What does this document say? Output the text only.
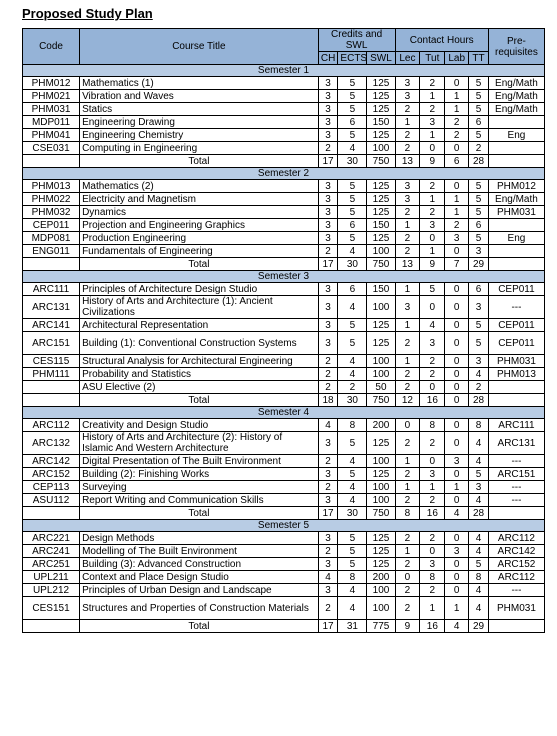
Proposed Study Plan
Code	Course Title	Credits and SWL			Contact Hours				Pre-requisites
		CH	ECTS	SWL	Lec	Tut	Lab	TT	
Semester 1									
PHM012	Mathematics (1)	3	5	125	3	2	0	5	Eng/Math
PHM021	Vibration and Waves	3	5	125	3	1	1	5	Eng/Math
PHM031	Statics	3	5	125	2	2	1	5	Eng/Math
MDP011	Engineering Drawing	3	6	150	1	3	2	6	
PHM041	Engineering Chemistry	3	5	125	2	1	2	5	Eng
CSE031	Computing in Engineering	2	4	100	2	0	0	2	
	Total	17	30	750	13	9	6	28	
Semester 2									
PHM013	Mathematics (2)	3	5	125	3	2	0	5	PHM012
PHM022	Electricity and Magnetism	3	5	125	3	1	1	5	Eng/Math
PHM032	Dynamics	3	5	125	2	2	1	5	PHM031
CEP011	Projection and Engineering Graphics	3	6	150	1	3	2	6	
MDP081	Production Engineering	3	5	125	2	0	3	5	Eng
ENG011	Fundamentals of Engineering	2	4	100	2	1	0	3	
	Total	17	30	750	13	9	7	29	
Semester 3									
ARC111	Principles of Architecture Design Studio	3	6	150	1	5	0	6	CEP011
ARC131	History of Arts and Architecture (1): Ancient Civilizations	3	4	100	3	0	0	3	---
ARC141	Architectural Representation	3	5	125	1	4	0	5	CEP011
ARC151	Building (1): Conventional Construction Systems	3	5	125	2	3	0	5	CEP011
CES115	Structural Analysis for Architectural Engineering	2	4	100	1	2	0	3	PHM031
PHM111	Probability and Statistics	2	4	100	2	2	0	4	PHM013
	ASU Elective (2)	2	2	50	2	0	0	2	
	Total	18	30	750	12	16	0	28	
Semester 4									
ARC112	Creativity and Design Studio	4	8	200	0	8	0	8	ARC111
ARC132	History of Arts and Architecture (2): History of Islamic And Western Architecture	3	5	125	2	2	0	4	ARC131
ARC142	Digital Presentation of The Built Environment	2	4	100	1	0	3	4	---
ARC152	Building (2): Finishing Works	3	5	125	2	3	0	5	ARC151
CEP113	Surveying	2	4	100	1	1	1	3	---
ASU112	Report Writing and Communication Skills	3	4	100	2	2	0	4	---
	Total	17	30	750	8	16	4	28	
Semester 5									
ARC221	Design Methods	3	5	125	2	2	0	4	ARC112
ARC241	Modelling of The Built Environment	2	5	125	1	0	3	4	ARC142
ARC251	Building (3): Advanced Construction	3	5	125	2	3	0	5	ARC152
UPL211	Context and Place Design Studio	4	8	200	0	8	0	8	ARC112
UPL212	Principles of Urban Design and Landscape	3	4	100	2	2	0	4	---
CES151	Structures and Properties of Construction Materials	2	4	100	2	1	1	4	PHM031
	Total	17	31	775	9	16	4	29	
